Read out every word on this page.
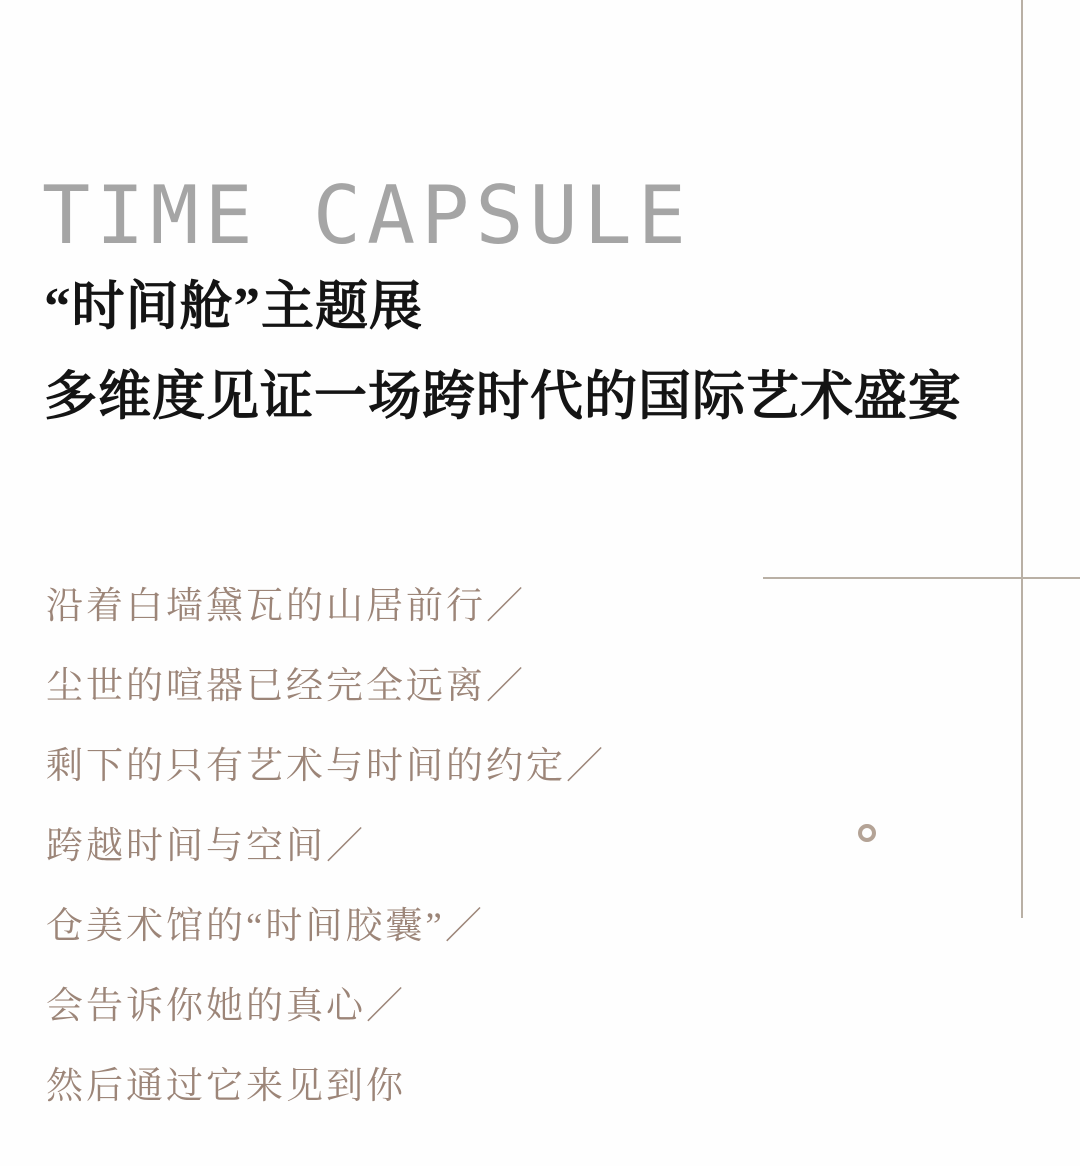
TIME CAPSULE
“时间舱”主题展
多维度见证一场跨时代的国际艺术盛宴
沿着白墙黛瓦的山居前行／
尘世的喧器已经完全远离／
剩下的只有艺术与时间的约定／
跨越时间与空间／
仓美术馆的“时间胶囊”／
会告诉你她的真心／
然后通过它来见到你
